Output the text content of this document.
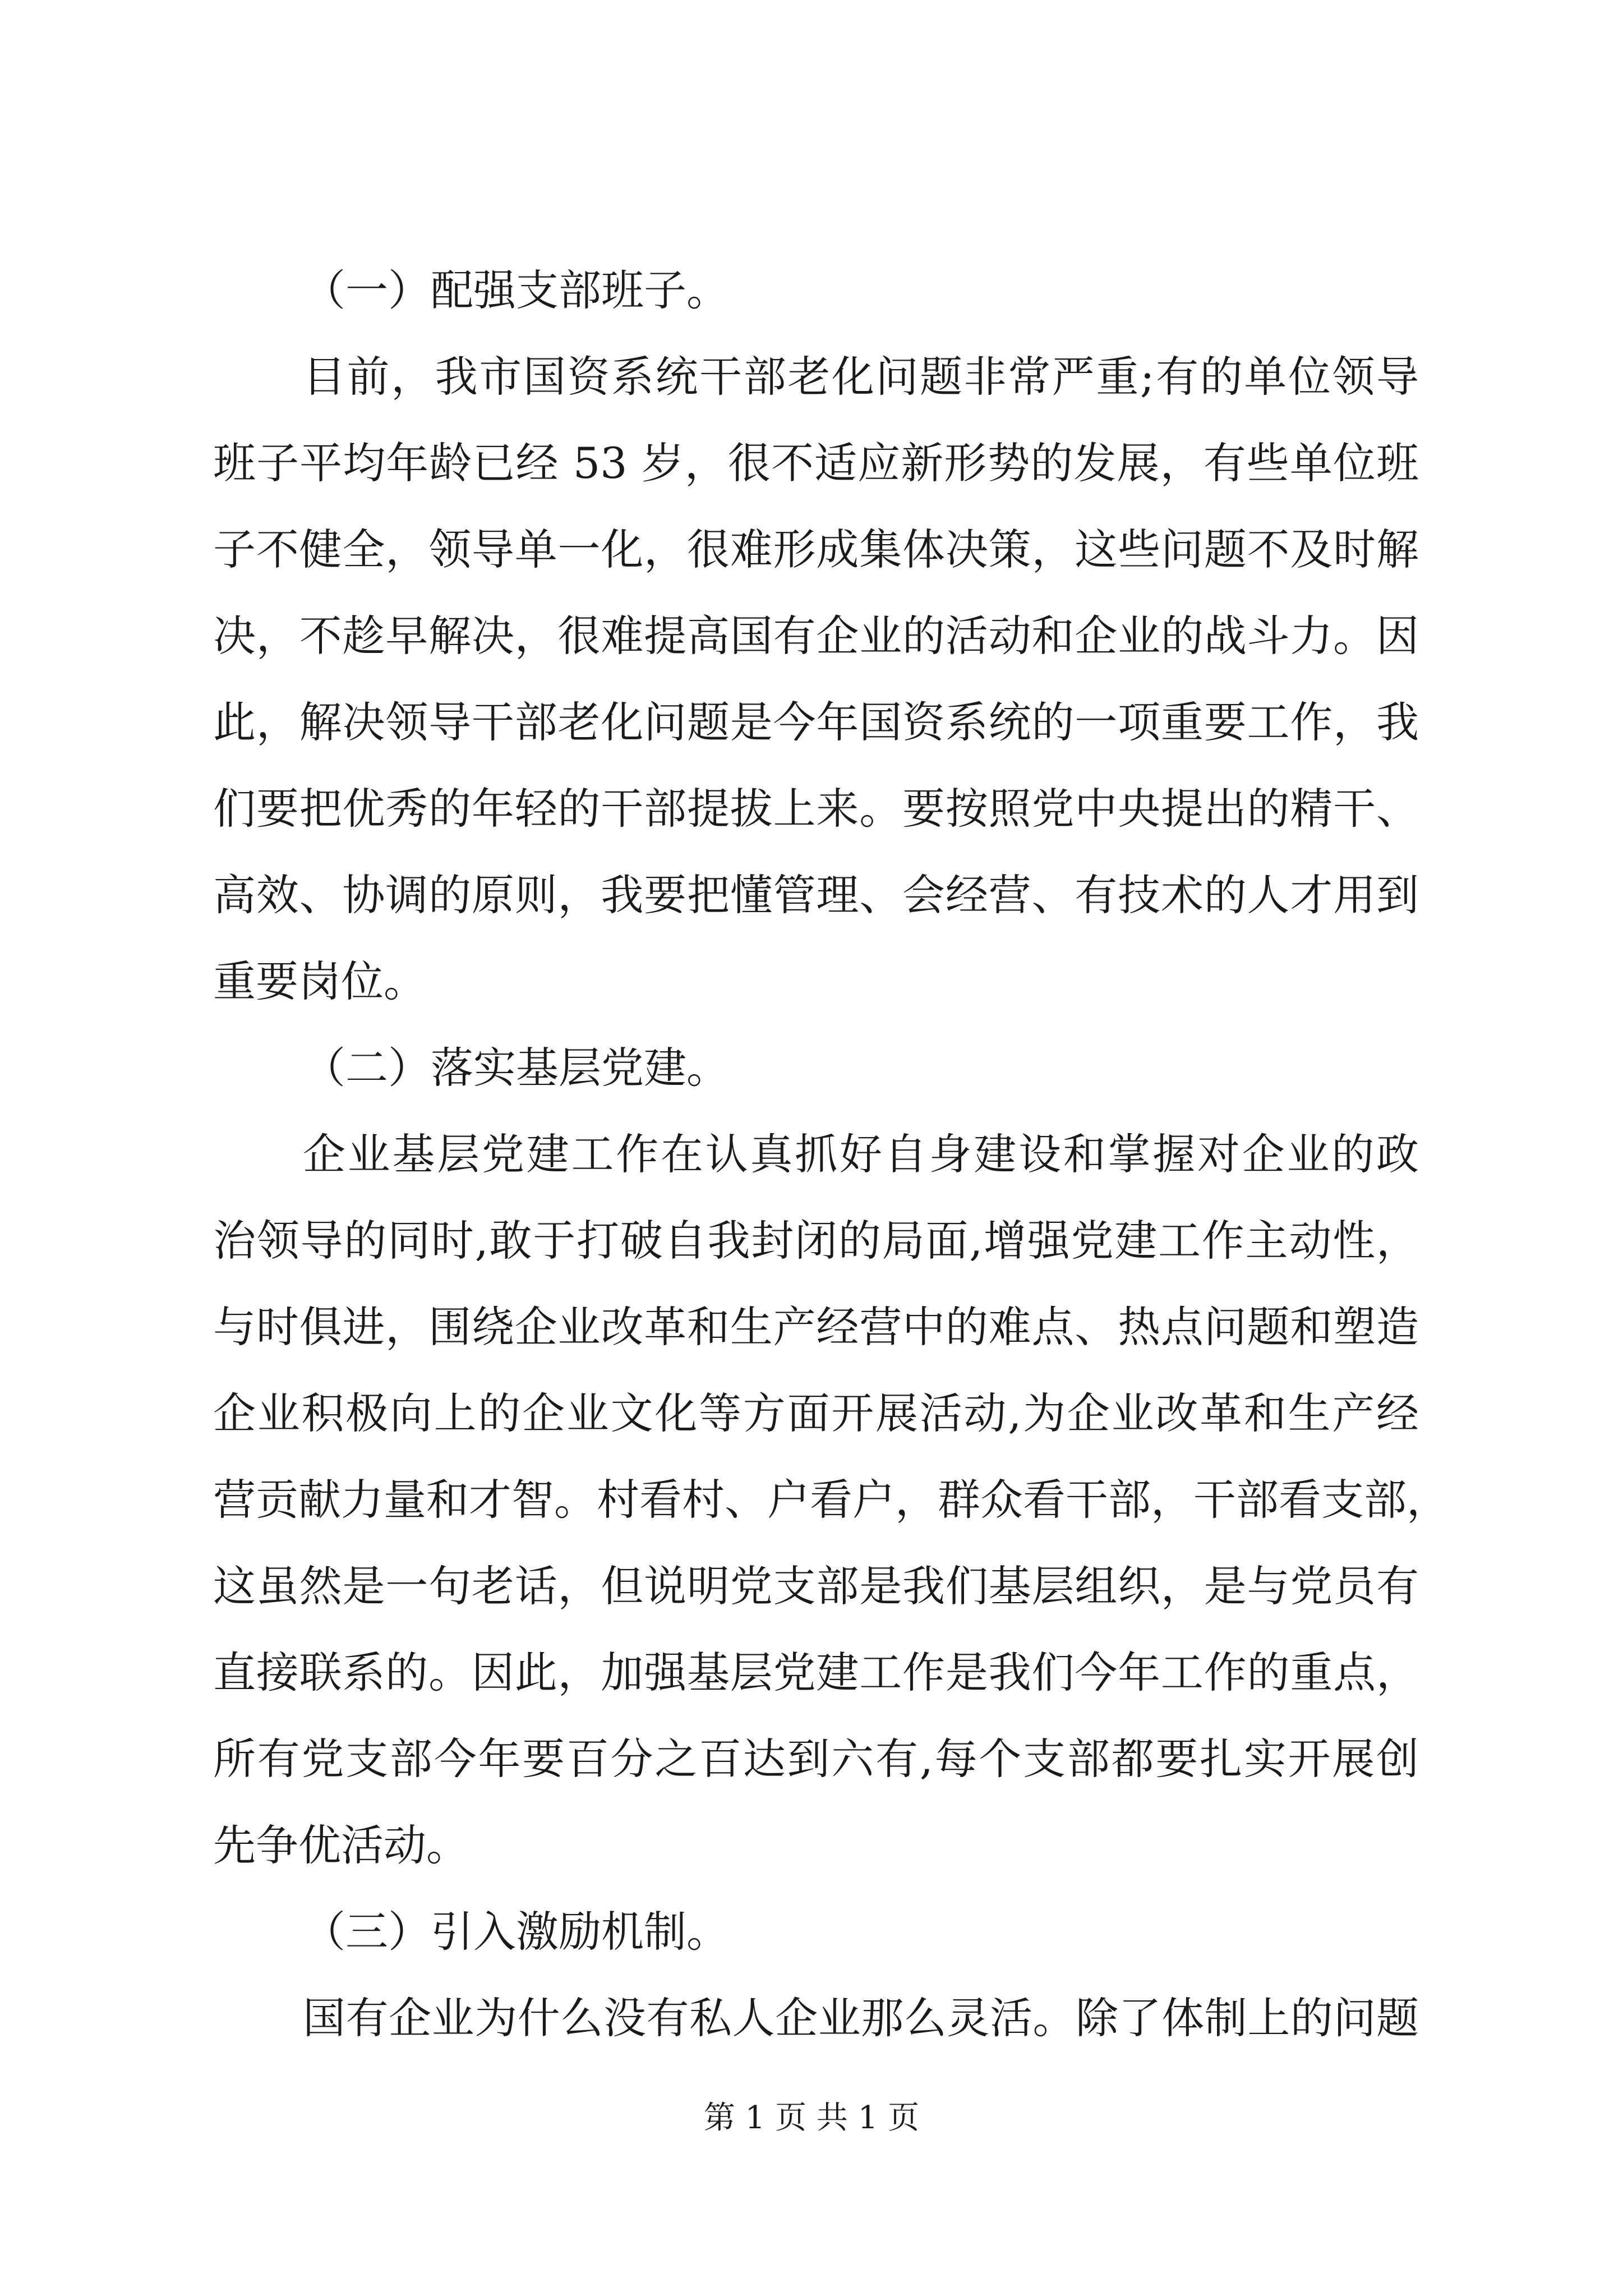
（一）配强支部班子。
目前，我市国资系统干部老化问题非常严重;有的单位领导
班子平均年龄已经 53 岁，很不适应新形势的发展，有些单位班
子不健全，领导单一化，很难形成集体决策，这些问题不及时解
决，不趁早解决，很难提高国有企业的活动和企业的战斗力。因
此，解决领导干部老化问题是今年国资系统的一项重要工作，我
们要把优秀的年轻的干部提拔上来。要按照党中央提出的精干、
高效、协调的原则，我要把懂管理、会经营、有技术的人才用到
重要岗位。
（二）落实基层党建。
企业基层党建工作在认真抓好自身建设和掌握对企业的政
治领导的同时,敢于打破自我封闭的局面,增强党建工作主动性，
与时俱进，围绕企业改革和生产经营中的难点、热点问题和塑造
企业积极向上的企业文化等方面开展活动,为企业改革和生产经
营贡献力量和才智。村看村、户看户，群众看干部，干部看支部，
这虽然是一句老话，但说明党支部是我们基层组织，是与党员有
直接联系的。因此，加强基层党建工作是我们今年工作的重点，
所有党支部今年要百分之百达到六有,每个支部都要扎实开展创
先争优活动。
（三）引入激励机制。
国有企业为什么没有私人企业那么灵活。除了体制上的问题
第 1 页 共 1 页
